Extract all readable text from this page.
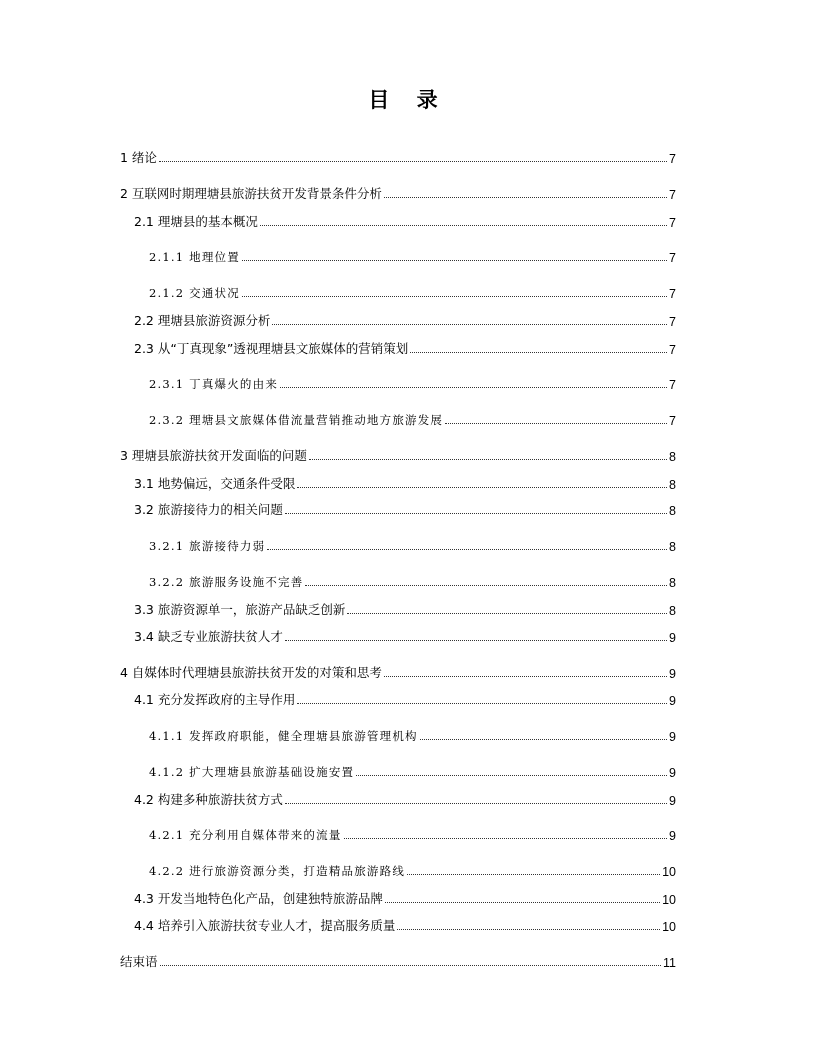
目 录
1 绪论	7
2 互联网时期理塘县旅游扶贫开发背景条件分析	7
2.1 理塘县的基本概况	7
2.1.1 地理位置	7
2.1.2 交通状况	7
2.2 理塘县旅游资源分析	7
2.3 从“丁真现象”透视理塘县文旅媒体的营销策划	7
2.3.1 丁真爆火的由来	7
2.3.2 理塘县文旅媒体借流量营销推动地方旅游发展	7
3 理塘县旅游扶贫开发面临的问题	8
3.1 地势偏远，交通条件受限	8
3.2 旅游接待力的相关问题	8
3.2.1 旅游接待力弱	8
3.2.2 旅游服务设施不完善	8
3.3 旅游资源单一，旅游产品缺乏创新	8
3.4 缺乏专业旅游扶贫人才	9
4 自媒体时代理塘县旅游扶贫开发的对策和思考	9
4.1 充分发挥政府的主导作用	9
4.1.1 发挥政府职能，健全理塘县旅游管理机构	9
4.1.2 扩大理塘县旅游基础设施安置	9
4.2 构建多种旅游扶贫方式	9
4.2.1 充分利用自媒体带来的流量	9
4.2.2 进行旅游资源分类，打造精品旅游路线	10
4.3 开发当地特色化产品，创建独特旅游品牌	10
4.4 培养引入旅游扶贫专业人才，提高服务质量	10
结束语	11
